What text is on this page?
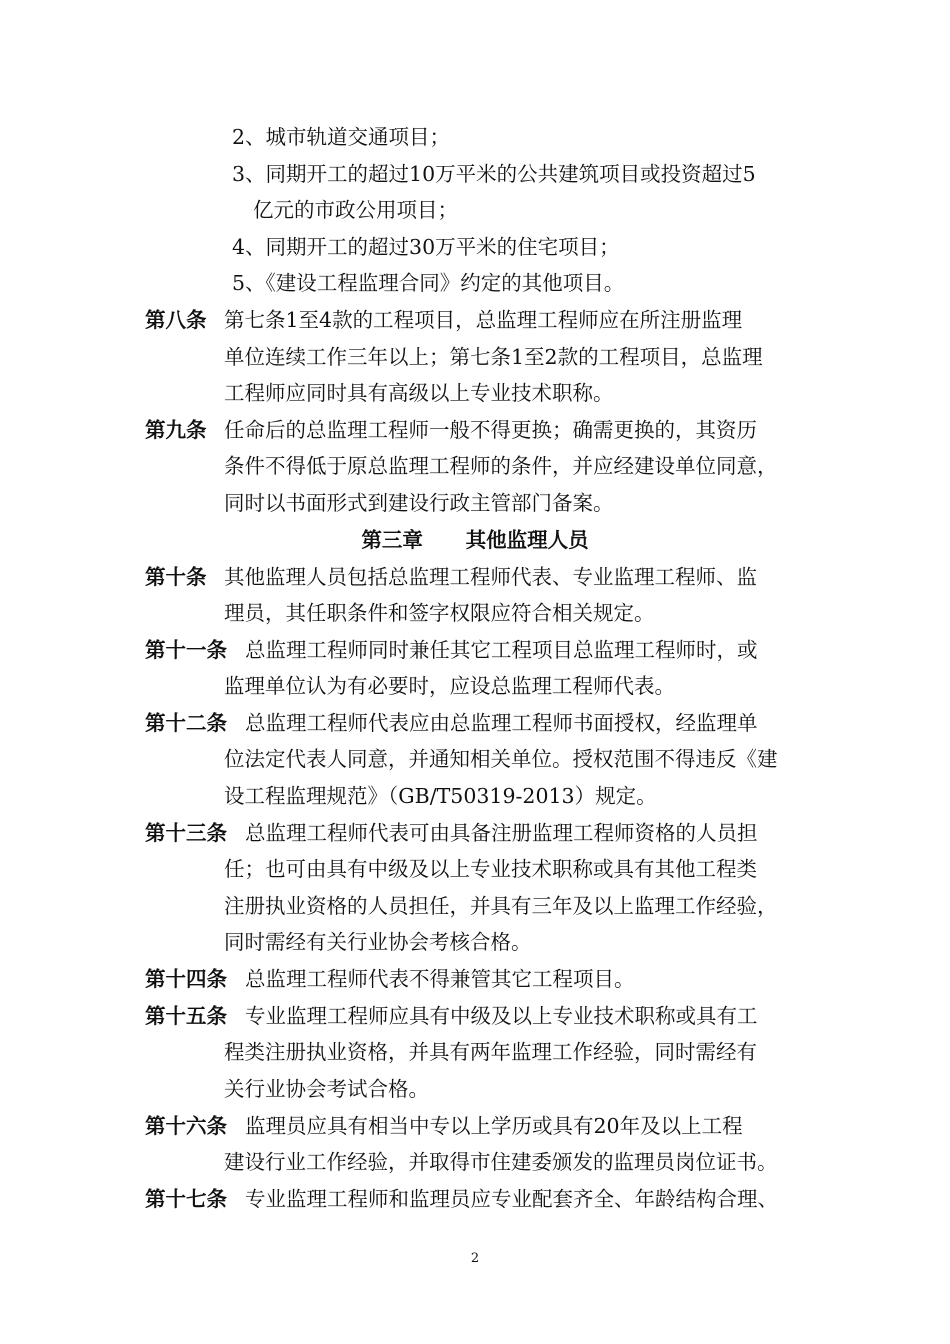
2、城市轨道交通项目；
3、同期开工的超过10万平米的公共建筑项目或投资超过5
亿元的市政公用项目；
4、同期开工的超过30万平米的住宅项目；
5、《建设工程监理合同》约定的其他项目。
第八条 第七条1至4款的工程项目，总监理工程师应在所注册监理
单位连续工作三年以上；第七条1至2款的工程项目，总监理
工程师应同时具有高级以上专业技术职称。
第九条 任命后的总监理工程师一般不得更换；确需更换的，其资历
条件不得低于原总监理工程师的条件，并应经建设单位同意，
同时以书面形式到建设行政主管部门备案。
第三章 其他监理人员
第十条 其他监理人员包括总监理工程师代表、专业监理工程师、监
理员，其任职条件和签字权限应符合相关规定。
第十一条 总监理工程师同时兼任其它工程项目总监理工程师时，或
监理单位认为有必要时，应设总监理工程师代表。
第十二条 总监理工程师代表应由总监理工程师书面授权，经监理单
位法定代表人同意，并通知相关单位。授权范围不得违反《建
设工程监理规范》（GB/T50319-2013）规定。
第十三条 总监理工程师代表可由具备注册监理工程师资格的人员担
任；也可由具有中级及以上专业技术职称或具有其他工程类
注册执业资格的人员担任，并具有三年及以上监理工作经验，
同时需经有关行业协会考核合格。
第十四条 总监理工程师代表不得兼管其它工程项目。
第十五条 专业监理工程师应具有中级及以上专业技术职称或具有工
程类注册执业资格，并具有两年监理工作经验，同时需经有
关行业协会考试合格。
第十六条 监理员应具有相当中专以上学历或具有20年及以上工程
建设行业工作经验，并取得市住建委颁发的监理员岗位证书。
第十七条 专业监理工程师和监理员应专业配套齐全、年龄结构合理、
2
